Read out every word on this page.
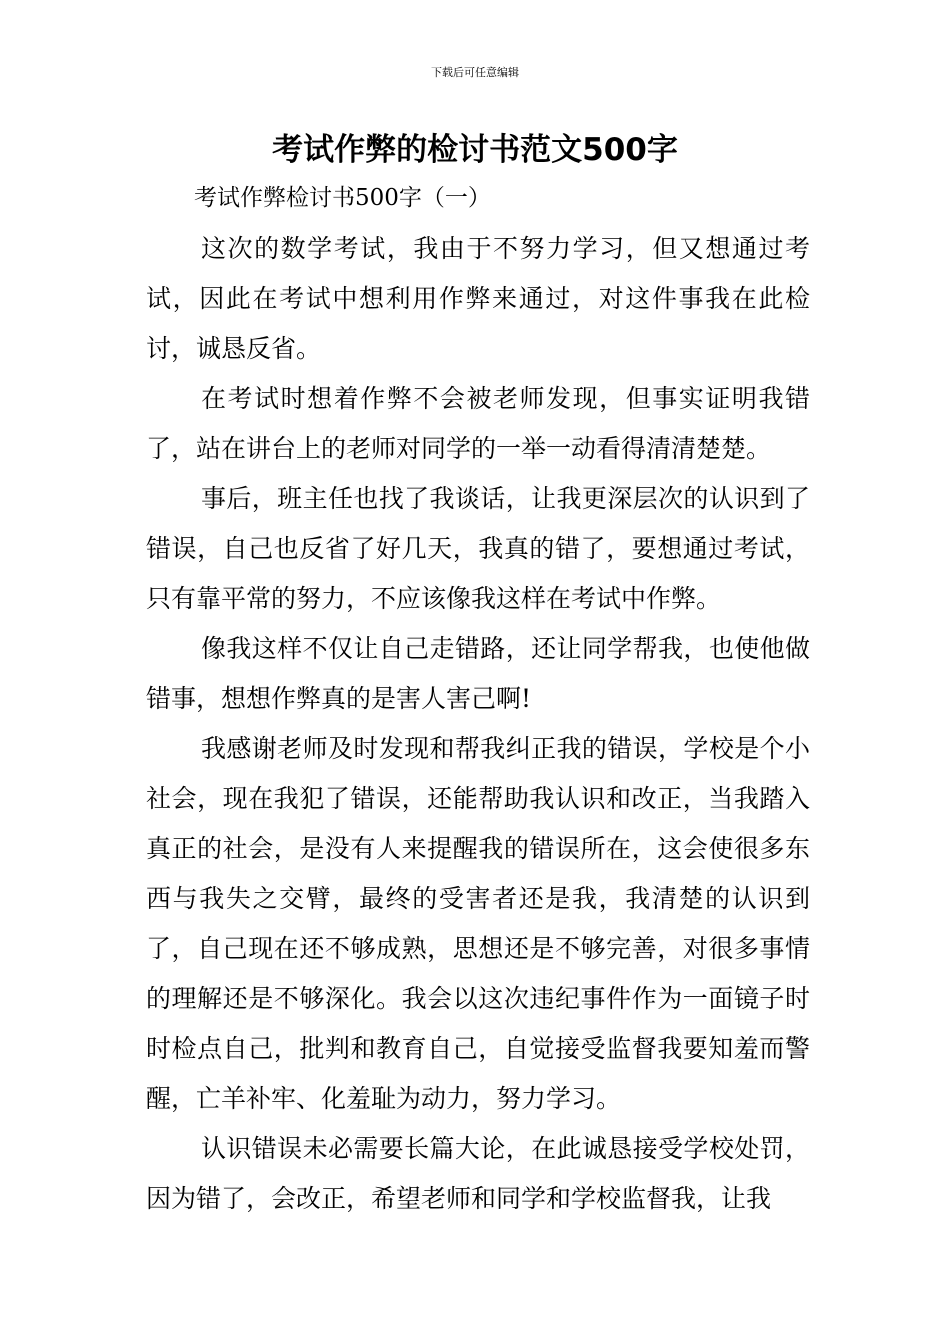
下载后可任意编辑
考试作弊的检讨书范文500字
考试作弊检讨书500字（一）

这次的数学考试，我由于不努力学习，但又想通过考试，因此在考试中想利用作弊来通过，对这件事我在此检讨，诚恳反省。

在考试时想着作弊不会被老师发现，但事实证明我错了，站在讲台上的老师对同学的一举一动看得清清楚楚。

事后，班主任也找了我谈话，让我更深层次的认识到了错误，自己也反省了好几天，我真的错了，要想通过考试，只有靠平常的努力，不应该像我这样在考试中作弊。

像我这样不仅让自己走错路，还让同学帮我，也使他做错事，想想作弊真的是害人害己啊!

我感谢老师及时发现和帮我纠正我的错误，学校是个小社会，现在我犯了错误，还能帮助我认识和改正，当我踏入真正的社会，是没有人来提醒我的错误所在，这会使很多东西与我失之交臂，最终的受害者还是我，我清楚的认识到了，自己现在还不够成熟，思想还是不够完善，对很多事情的理解还是不够深化。我会以这次违纪事件作为一面镜子时时检点自己，批判和教育自己，自觉接受监督我要知羞而警醒，亡羊补牢、化羞耻为动力，努力学习。

认识错误未必需要长篇大论，在此诚恳接受学校处罚，因为错了，会改正，希望老师和同学和学校监督我，让我
